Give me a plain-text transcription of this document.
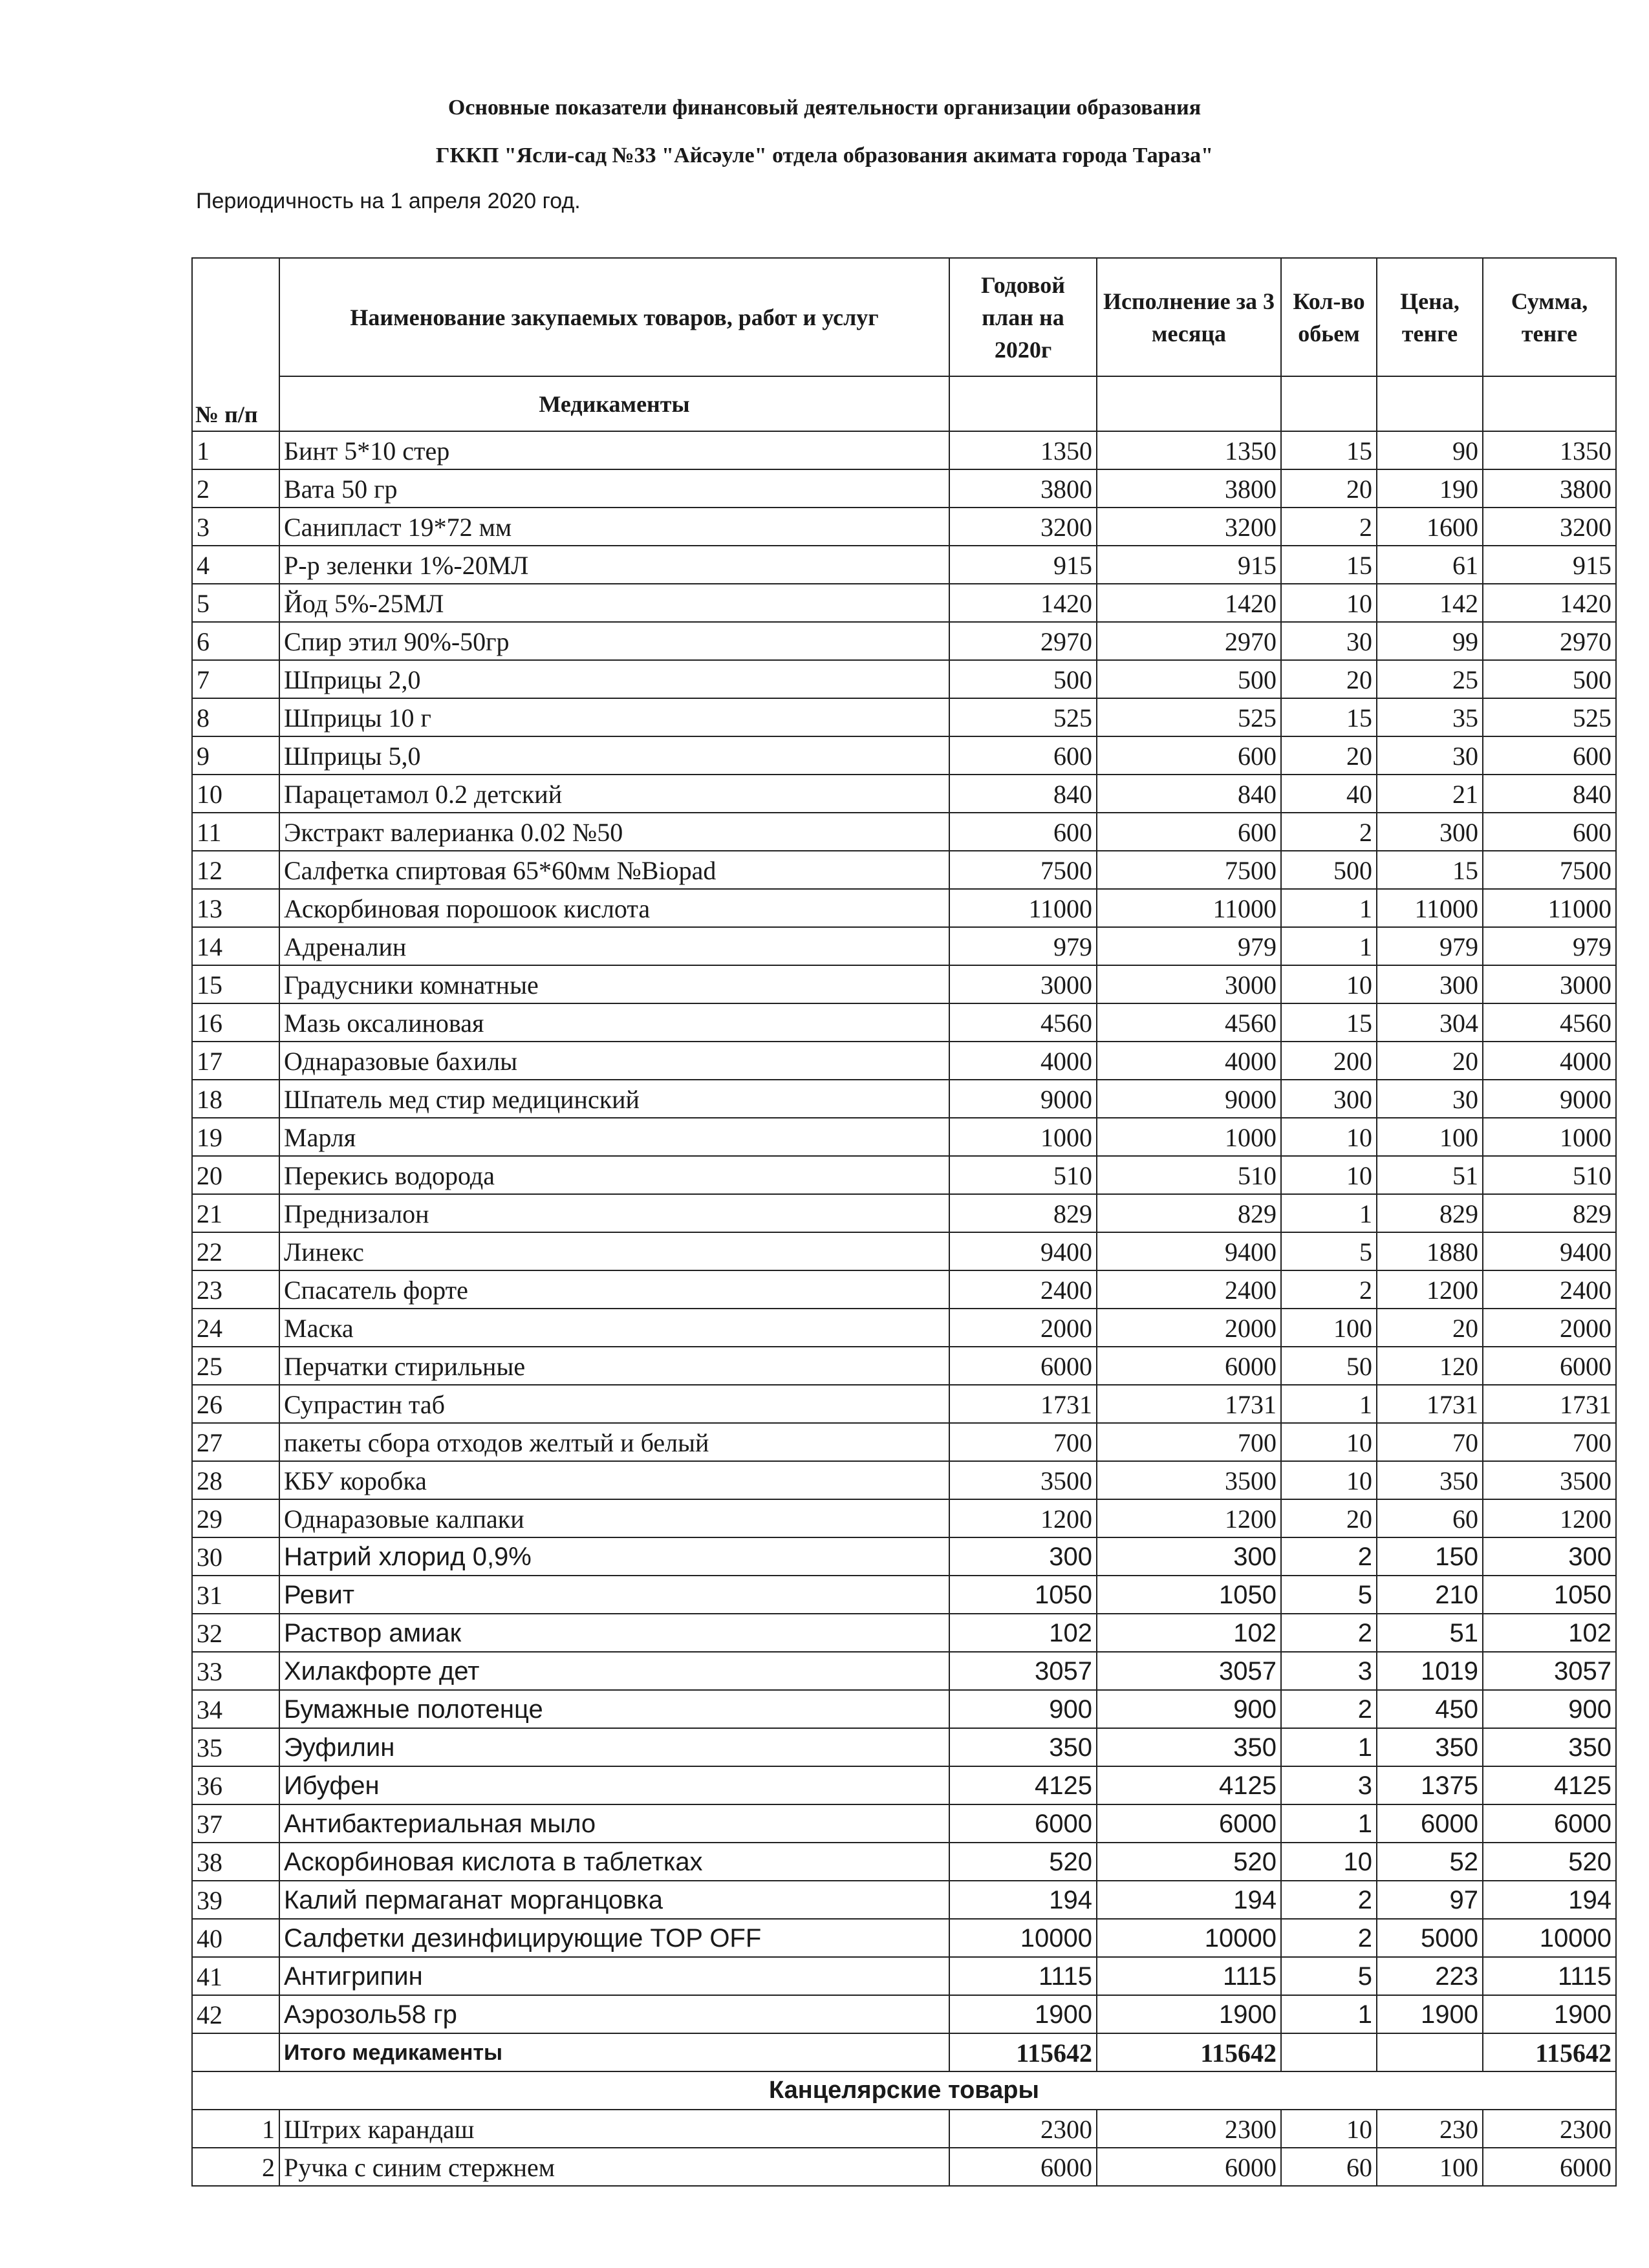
Основные показатели финансовый деятельности организации образования
ГККП "Ясли-сад №33 "Айсәуле" отдела образования акимата города Тараза"
Периодичность на 1 апреля 2020 год.
№ п/п	Наименование закупаемых товаров, работ и услуг	Годовой план на 2020г	Исполнение за 3 месяца	Кол-во обьем	Цена, тенге	Сумма, тенге
	Медикаменты					
1	Бинт 5*10 стер	1350	1350	15	90	1350
2	Вата 50 гр	3800	3800	20	190	3800
3	Санипласт 19*72 мм	3200	3200	2	1600	3200
4	Р-р зеленки 1%-20МЛ	915	915	15	61	915
5	Йод 5%-25МЛ	1420	1420	10	142	1420
6	Спир этил 90%-50гр	2970	2970	30	99	2970
7	Шприцы 2,0	500	500	20	25	500
8	Шприцы 10 г	525	525	15	35	525
9	Шприцы 5,0	600	600	20	30	600
10	Парацетамол 0.2 детский	840	840	40	21	840
11	Экстракт валерианка 0.02 №50	600	600	2	300	600
12	Салфетка спиртовая 65*60мм №Biopad	7500	7500	500	15	7500
13	Аскорбиновая порошоок кислота	11000	11000	1	11000	11000
14	Адреналин	979	979	1	979	979
15	Градусники комнатные	3000	3000	10	300	3000
16	Мазь оксалиновая	4560	4560	15	304	4560
17	Однаразовые бахилы	4000	4000	200	20	4000
18	Шпатель мед стир медицинский	9000	9000	300	30	9000
19	Марля	1000	1000	10	100	1000
20	Перекись водорода	510	510	10	51	510
21	Преднизалон	829	829	1	829	829
22	Линекс	9400	9400	5	1880	9400
23	Спасатель форте	2400	2400	2	1200	2400
24	Маска	2000	2000	100	20	2000
25	Перчатки стирильные	6000	6000	50	120	6000
26	Супрастин таб	1731	1731	1	1731	1731
27	пакеты сбора отходов желтый и белый	700	700	10	70	700
28	КБУ коробка	3500	3500	10	350	3500
29	Однаразовые калпаки	1200	1200	20	60	1200
30	Натрий хлорид 0,9%	300	300	2	150	300
31	Ревит	1050	1050	5	210	1050
32	Раствор амиак	102	102	2	51	102
33	Хилакфорте дет	3057	3057	3	1019	3057
34	Бумажные полотенце	900	900	2	450	900
35	Эуфилин	350	350	1	350	350
36	Ибуфен	4125	4125	3	1375	4125
37	Антибактериальная мыло	6000	6000	1	6000	6000
38	Аскорбиновая кислота в таблетках	520	520	10	52	520
39	Калий пермаганат морганцовка	194	194	2	97	194
40	Салфетки дезинфицирующие TOP OFF	10000	10000	2	5000	10000
41	Антигрипин	1115	1115	5	223	1115
42	Аэрозоль58 гр	1900	1900	1	1900	1900
	Итого медикаменты	115642	115642			115642
Канцелярские товары						
1	Штрих карандаш	2300	2300	10	230	2300
2	Ручка с синим стержнем	6000	6000	60	100	6000
